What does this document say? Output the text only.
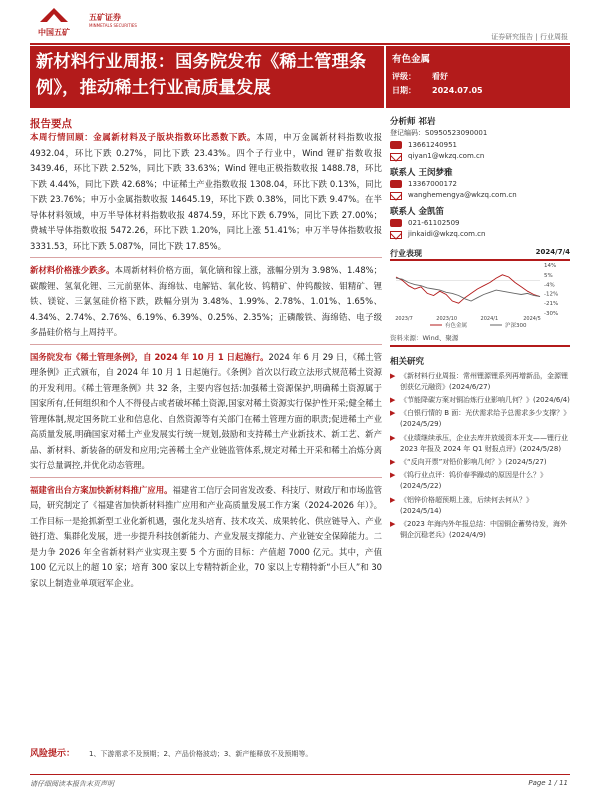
中国五矿
五矿证券
MINMETALS SECURITIES
证券研究报告 | 行业周报
新材料行业周报：国务院发布《稀土管理条例》，推动稀土行业高质量发展
有色金属
评级： 看好
日期： 2024.07.05
报告要点
本周行情回顾：金属新材料及子版块指数环比悉数下跌。本周，申万金属新材料指数收报 4932.04，环比下跌 0.27%，同比下跌 23.43%。四个子行业中，Wind 锂矿指数收报 3439.46，环比下跌 2.52%，同比下跌 33.63%；Wind 锂电正极指数收报 1488.78，环比下跌 4.44%，同比下跌 42.68%；中证稀土产业指数收报 1308.04，环比下跌 0.13%，同比下跌 23.76%；申万小金属指数收报 14645.19，环比下跌 0.38%，同比下跌 9.47%。在半导体材料领域，申万半导体材料指数收报 4874.59，环比下跌 6.79%，同比下跌 27.00%；费城半导体指数收报 5472.26，环比下跌 1.20%，同比上涨 51.41%；申万半导体指数收报 3331.53，环比下跌 5.087%，同比下跌 17.85%。
新材料价格涨少跌多。本周新材料价格方面，氧化镝和镓上涨，涨幅分别为 3.98%、1.48%；碳酸锂、氢氧化锂、三元前驱体、海绵钛、电解钴、氧化钕、钨精矿、仲钨酸铵、钼精矿、锂铁、镁锭、三氯氢硅价格下跌，跌幅分别为 3.48%、1.99%、2.78%、1.01%、1.65%、4.34%、2.74%、2.76%、6.19%、6.39%、0.25%、2.35%；正磷酸铁、海绵锆、电子级多晶硅价格与上周持平。
国务院发布《稀土管理条例》，自 2024 年 10 月 1 日起施行。2024 年 6 月 29 日，《稀土管理条例》正式颁布，自 2024 年 10 月 1 日起施行。《条例》首次以行政立法形式规范稀土资源的开发利用。《稀土管理条例》共 32 条，主要内容包括:加强稀土资源保护,明确稀土资源属于国家所有,任何组织和个人不得侵占或者破坏稀土资源,国家对稀土资源实行保护性开采;健全稀土管理体制,规定国务院工业和信息化、自然资源等有关部门在稀土管理方面的职责;促进稀土产业高质量发展,明确国家对稀土产业发展实行统一规划,鼓励和支持稀土产业新技术、新工艺、新产品、新材料、新装备的研发和应用;完善稀土全产业链监管体系,规定对稀土开采和稀土冶炼分离实行总量调控,并优化动态管理。
福建省出台方案加快新材料推广应用。福建省工信厅会同省发改委、科技厅、财政厅和市场监管局，研究制定了《福建省加快新材料推广应用和产业高质量发展工作方案（2024-2026 年）》。工作目标一是抢抓新型工业化新机遇，强化龙头培育、技术攻关、成果转化、供应链导入、产业链打造、集群化发展，进一步提升科技创新能力、产业发展支撑能力、产业链安全保障能力。二是力争 2026 年全省新材料产业实现主要 5 个方面的目标：产值超 7000 亿元。其中，产值 100 亿元以上的超 10 家；培育 300 家以上专精特新企业，70 家以上专精特新“小巨人”和 30 家以上制造业单项冠军企业。
分析师 祁岩
登记编码：S0950523090001
13661240951
qiyan1@wkzq.com.cn
联系人 王闵梦雅
13367000172
wanghemengya@wkzq.com.cn
联系人 金凯笛
021-61102509
jinkaidi@wkzq.com.cn
行业表现	2024/7/4
14%
5%
-4%
-12%
-21%
-30%
2023/7	2023/10	2024/1	2024/5
有色金属	沪深300
资料来源：Wind、聚源
相关研究
▶ 《新材料行业周报：常州锂源锂系列再增新品，金源锂创获亿元融资》(2024/6/27)
▶ 《节能降碳方案对铜冶炼行业影响几何？》(2024/6/4)
▶ 《白银行情的 B 面：光伏需求给予总需求多少支撑？》(2024/5/29)
▶ 《业绩继续承压，企业去库并放缓资本开支——锂行业 2023 年报及 2024 年 Q1 财报点评》(2024/5/28)
▶ 《“反向开票”对铅价影响几何？》(2024/5/27)
▶ 《钨行业点评：钨价春季躁动的原因是什么？》(2024/5/22)
▶ 《铝锌价格超预期上涨，后续何去何从？》(2024/5/14)
▶ 《2023 年海内外年报总结：中国铜企蓄势待发，海外铜企沉稳老兵》(2024/4/9)
风险提示： 1、下游需求不及预期；2、产品价格波动；3、新产能释放不及预期等。
请仔细阅读本报告末页声明	Page 1 / 11
